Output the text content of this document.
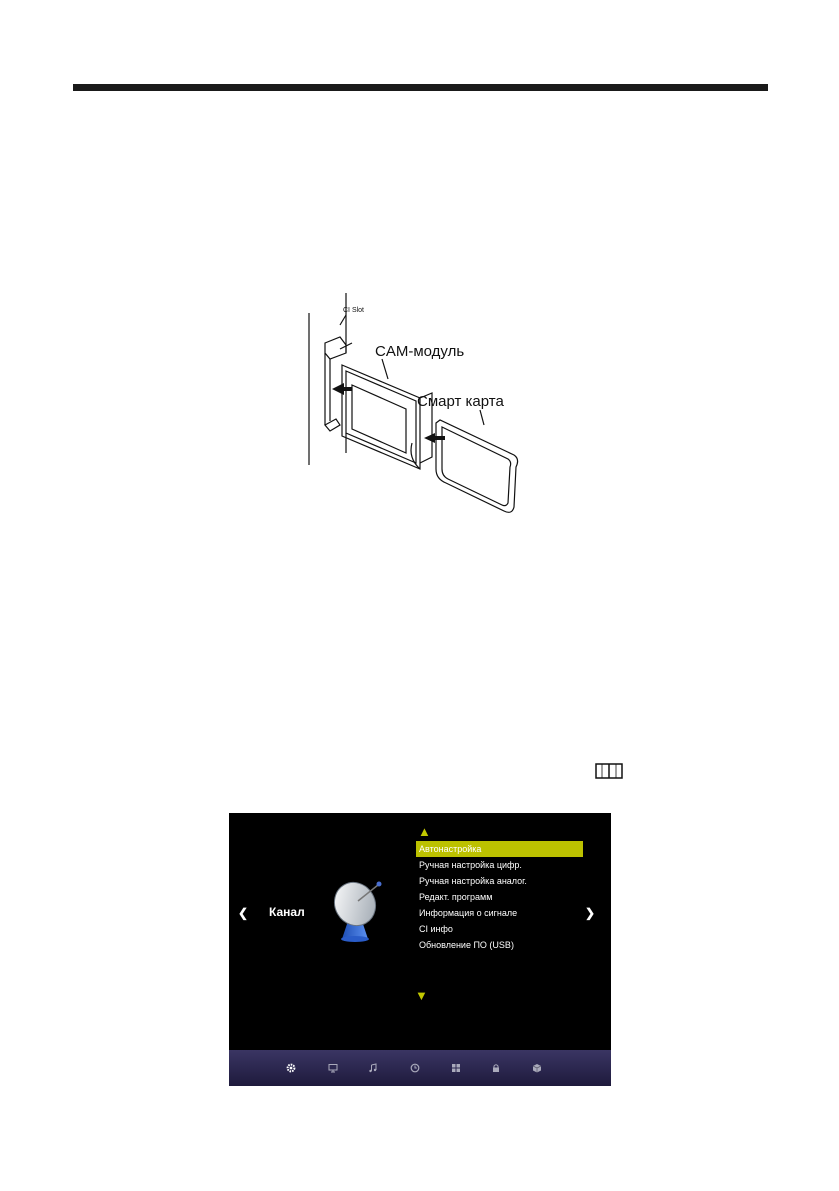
CI Slot
CAM-модуль
Смарт карта
▲
❮ Канал
Автонастройка
Ручная настройка цифр.
Ручная настройка аналог.
Редакт. программ
Информация о сигнале
CI инфо
Обновление ПО (USB)
❯
▼
